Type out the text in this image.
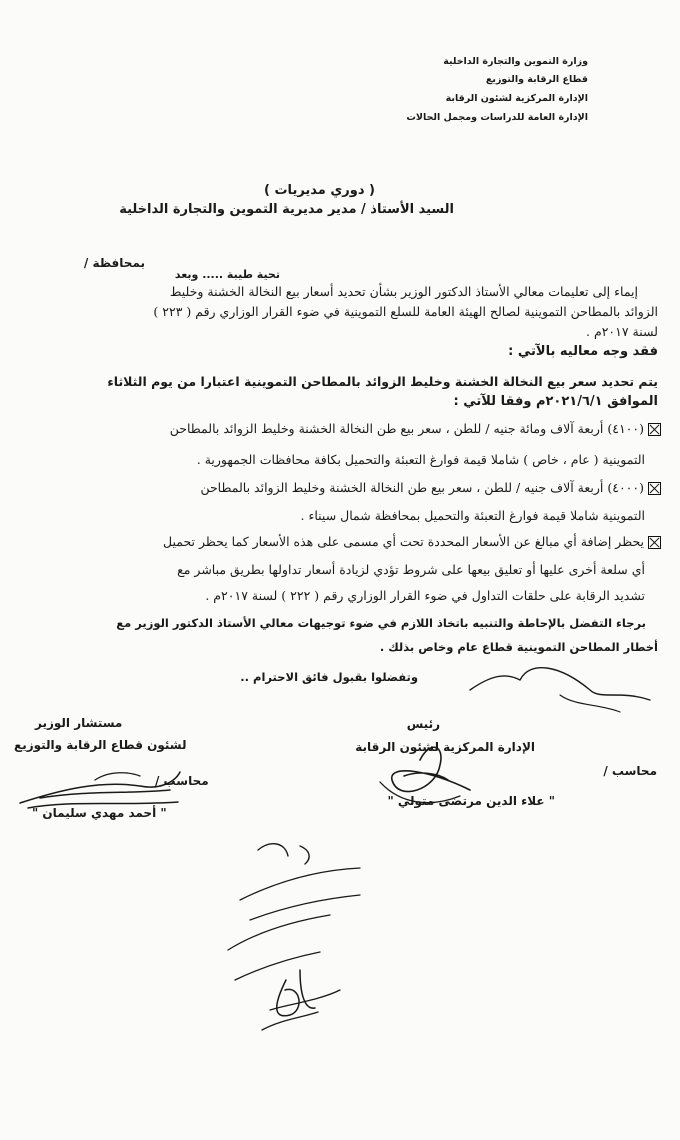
وزارة التموين والتجارة الداخلية
قطاع الرقابة والتوزيع
الإدارة المركزية لشئون الرقابة
الإدارة العامة للدراسات ومجمل الحالات
( دوري مديريات )
السيد الأستاذ / مدير مديرية التموين والتجارة الداخلية
بمحافظة /
تحية طيبة ..... وبعد
إيماء إلى تعليمات معالي الأستاذ الدكتور الوزير بشأن تحديد أسعار بيع النخالة الخشنة وخليط
الزوائد بالمطاحن التموينية لصالح الهيئة العامة للسلع التموينية في ضوء القرار الوزاري رقم ( ٢٢٣ )
لسنة ٢٠١٧م .
فقد وجه معاليه بالآتي :
يتم تحديد سعر بيع النخالة الخشنة وخليط الزوائد بالمطاحن التموينية اعتبارا من يوم الثلاثاء
الموافق ٢٠٢١/٦/١م وفقا للآتي :
(٤١٠٠) أربعة آلاف ومائة جنيه / للطن ، سعر بيع طن النخالة الخشنة وخليط الزوائد بالمطاحن
التموينية ( عام ، خاص ) شاملا قيمة فوارغ التعبئة والتحميل بكافة محافظات الجمهورية .
(٤٠٠٠) أربعة آلاف جنيه / للطن ، سعر بيع طن النخالة الخشنة وخليط الزوائد بالمطاحن
التموينية شاملا قيمة فوارغ التعبئة والتحميل بمحافظة شمال سيناء .
يحظر إضافة أي مبالغ عن الأسعار المحددة تحت أي مسمى على هذه الأسعار كما يحظر تحميل
أي سلعة أخرى عليها أو تعليق بيعها على شروط تؤدي لزيادة أسعار تداولها بطريق مباشر مع
تشديد الرقابة على حلقات التداول في ضوء القرار الوزاري رقم ( ٢٢٢ ) لسنة ٢٠١٧م .
برجاء التفضل بالإحاطة والتنبيه باتخاذ اللازم في ضوء توجيهات معالي الأستاذ الدكتور الوزير مع
أخطار المطاحن التموينية قطاع عام وخاص بذلك .
وتفضلوا بقبول فائق الاحترام ..
رئيس
الإدارة المركزية لشئون الرقابة
محاسب /
" علاء الدين مرتضى متولي "
مستشار الوزير
لشئون قطاع الرقابة والتوزيع
محاسب /
" أحمد مهدي سليمان "
